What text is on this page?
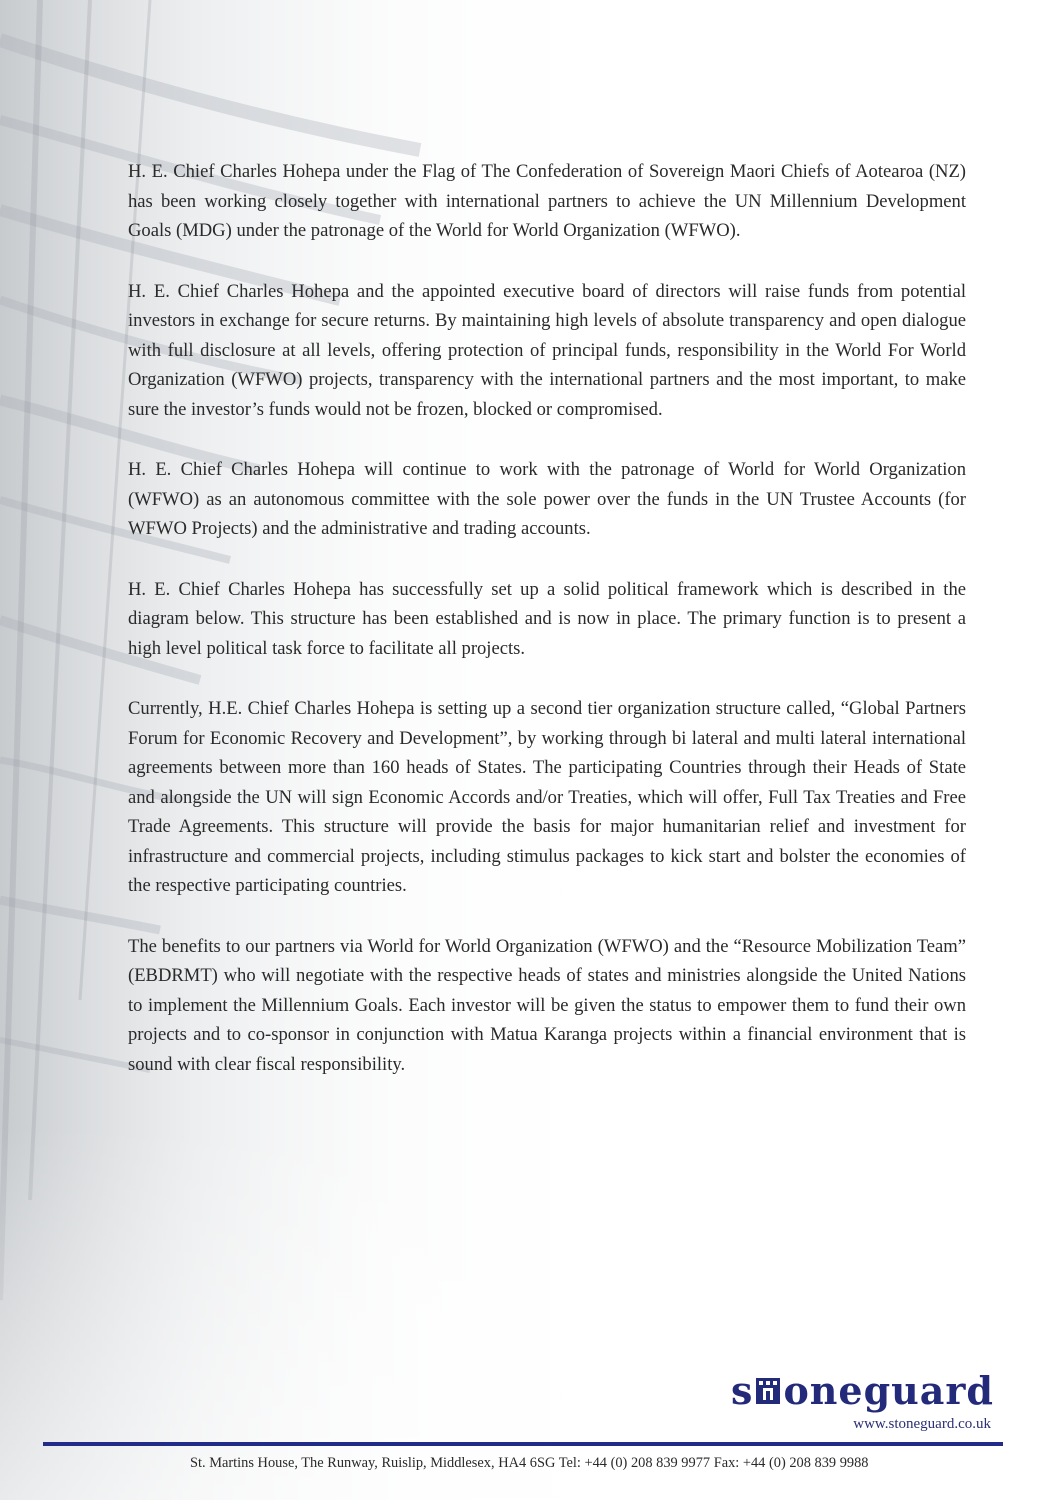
H. E. Chief Charles Hohepa under the Flag of The Confederation of Sovereign Maori Chiefs of Aotearoa (NZ) has been working closely together with international partners to achieve the UN Millennium Development Goals (MDG) under the patronage of the World for World Organization (WFWO).

H. E. Chief Charles Hohepa and the appointed executive board of directors will raise funds from potential investors in exchange for secure returns. By maintaining high levels of absolute transparency and open dialogue with full disclosure at all levels, offering protection of principal funds, responsibility in the World For World Organization (WFWO) projects, transparency with the international partners and the most important, to make sure the investor’s funds would not be frozen, blocked or compromised.

H. E. Chief Charles Hohepa will continue to work with the patronage of World for World Organization (WFWO) as an autonomous committee with the sole power over the funds in the UN Trustee Accounts (for WFWO Projects) and the administrative and trading accounts.

H. E. Chief Charles Hohepa has successfully set up a solid political framework which is described in the diagram below. This structure has been established and is now in place. The primary function is to present a high level political task force to facilitate all projects.

Currently, H.E. Chief Charles Hohepa is setting up a second tier organization structure called, “Global Partners Forum for Economic Recovery and Development”, by working through bi lateral and multi lateral international agreements between more than 160 heads of States. The participating Countries through their Heads of State and alongside the UN will sign Economic Accords and/or Treaties, which will offer, Full Tax Treaties and Free Trade Agreements. This structure will provide the basis for major humanitarian relief and investment for infrastructure and commercial projects, including stimulus packages to kick start and bolster the economies of the respective participating countries.

The benefits to our partners via World for World Organization (WFWO) and the “Resource Mobilization Team” (EBDRMT) who will negotiate with the respective heads of states and ministries alongside the United Nations to implement the Millennium Goals. Each investor will be given the status to empower them to fund their own projects and to co-sponsor in conjunction with Matua Karanga projects within a financial environment that is sound with clear fiscal responsibility.

s oneguard
www.stoneguard.co.uk
St. Martins House, The Runway, Ruislip, Middlesex, HA4 6SG Tel: +44 (0) 208 839 9977 Fax: +44 (0) 208 839 9988
